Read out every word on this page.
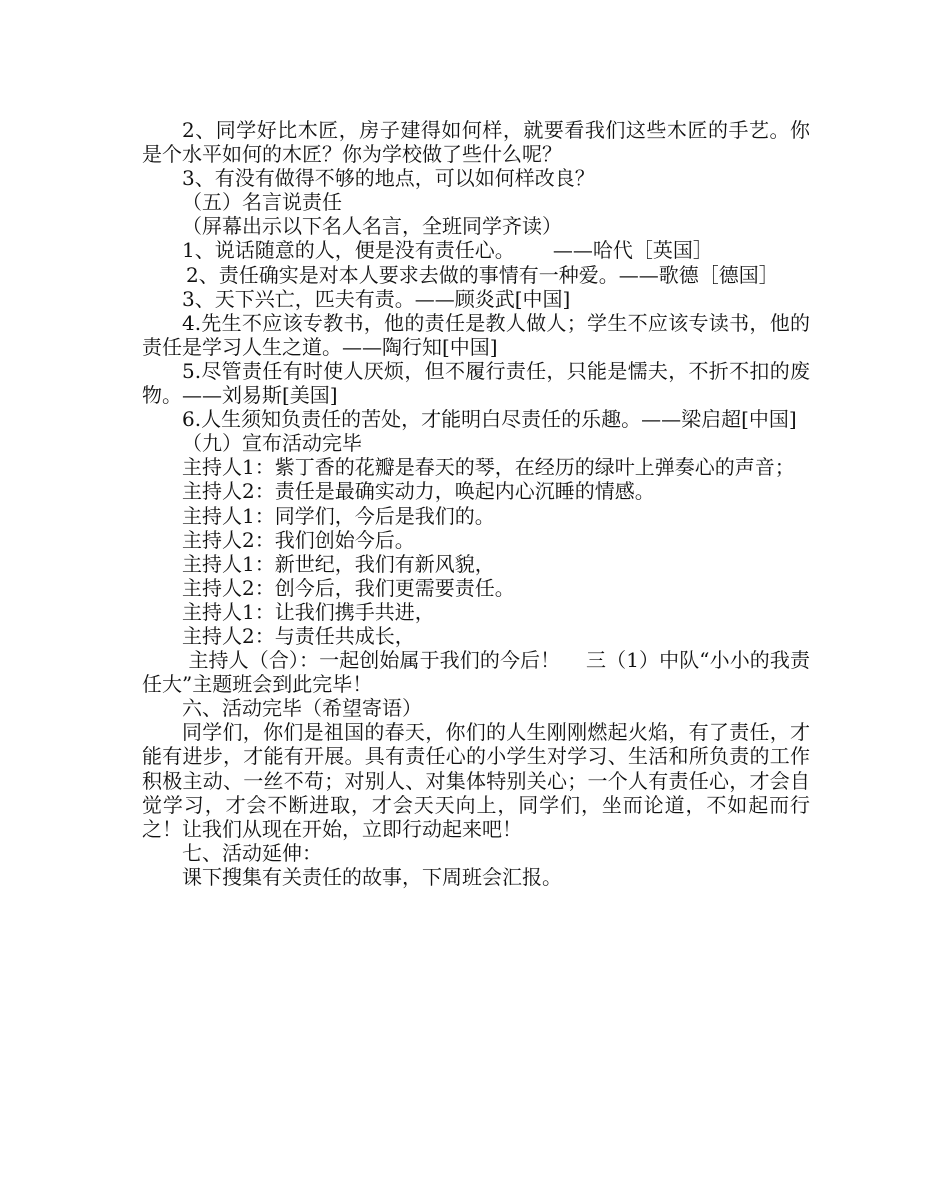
2、同学好比木匠，房子建得如何样，就要看我们这些木匠的手艺。你是个水平如何的木匠？你为学校做了些什么呢？

3、有没有做得不够的地点，可以如何样改良？

（五）名言说责任

（屏幕出示以下名人名言，全班同学齐读）

1、说话随意的人，便是没有责任心。      ——哈代［英国］

2、责任确实是对本人要求去做的事情有一种爱。——歌德［德国］

3、天下兴亡，匹夫有责。——顾炎武[中国]

4.先生不应该专教书，他的责任是教人做人；学生不应该专读书，他的责任是学习人生之道。——陶行知[中国]

5.尽管责任有时使人厌烦，但不履行责任，只能是懦夫，不折不扣的废物。——刘易斯[美国]

6.人生须知负责任的苦处，才能明白尽责任的乐趣。——梁启超[中国]

（九）宣布活动完毕

主持人1：紫丁香的花瓣是春天的琴，在经历的绿叶上弹奏心的声音；

主持人2：责任是最确实动力，唤起内心沉睡的情感。

主持人1：同学们，今后是我们的。

主持人2：我们创始今后。

主持人1：新世纪，我们有新风貌，

主持人2：创今后，我们更需要责任。

主持人1：让我们携手共进，

主持人2：与责任共成长，

主持人（合）：一起创始属于我们的今后！    三（1）中队“小小的我责任大”主题班会到此完毕！

六、活动完毕（希望寄语）

同学们，你们是祖国的春天，你们的人生刚刚燃起火焰，有了责任，才能有进步，才能有开展。具有责任心的小学生对学习、生活和所负责的工作积极主动、一丝不苟；对别人、对集体特别关心；一个人有责任心，才会自觉学习，才会不断进取，才会天天向上，同学们，坐而论道，不如起而行之！让我们从现在开始，立即行动起来吧！

七、活动延伸：

课下搜集有关责任的故事，下周班会汇报。
